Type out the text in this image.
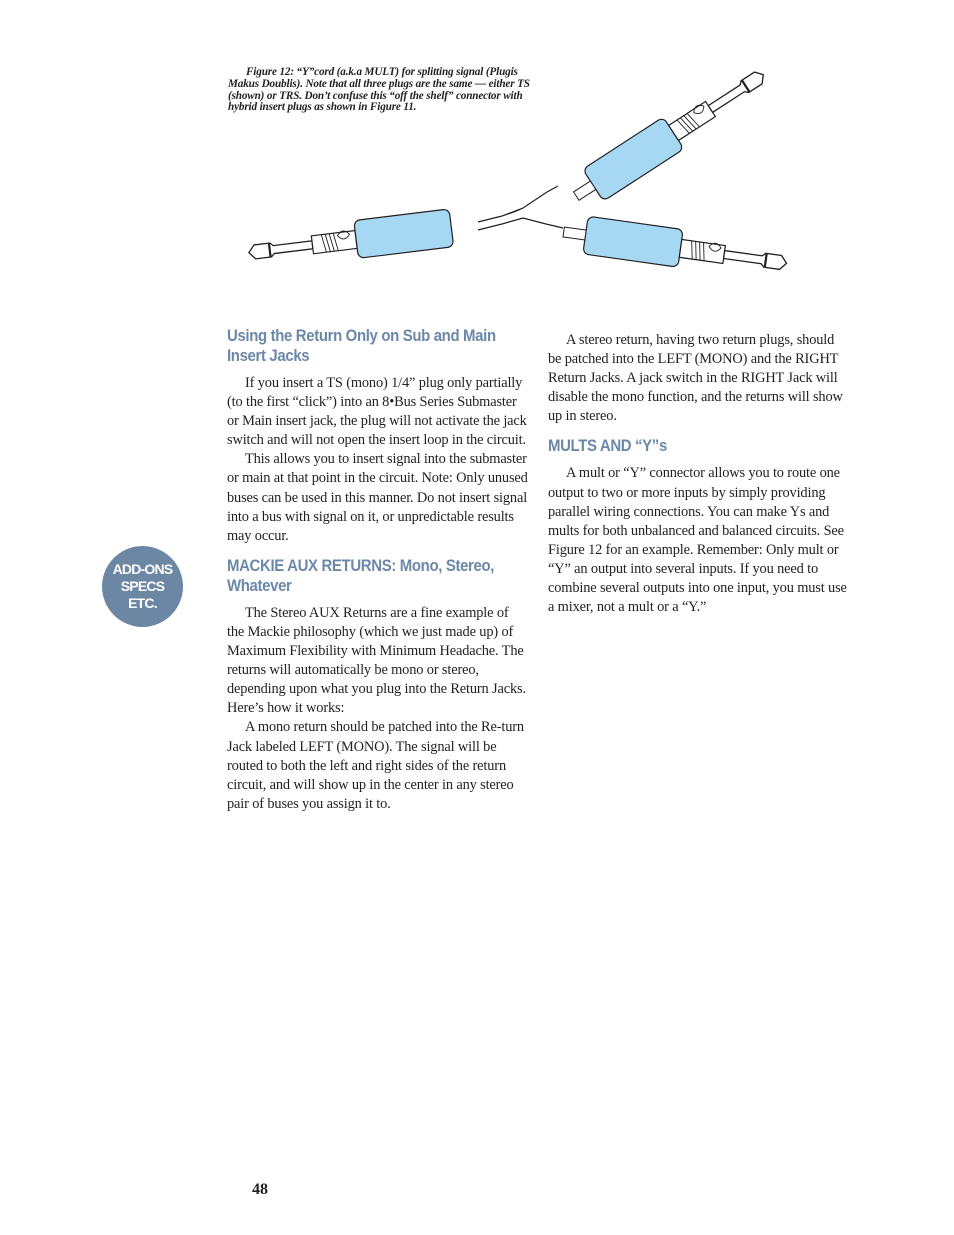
Figure 12: “Y”cord (a.k.a MULT) for splitting signal (Plugis Makus Doublis). Note that all three plugs are the same — either TS (shown) or TRS. Don’t confuse this “off the shelf” connector with hybrid insert plugs as shown in Figure 11.

Using the Return Only on Sub and Main Insert Jacks

If you insert a TS (mono) 1/4” plug only partially (to the first “click”) into an 8•Bus Series Submaster or Main insert jack, the plug will not activate the jack switch and will not open the insert loop in the circuit.

This allows you to insert signal into the submaster or main at that point in the circuit. Note: Only unused buses can be used in this manner. Do not insert signal into a bus with signal on it, or unpredictable results may occur.

MACKIE AUX RETURNS: Mono, Stereo, Whatever

The Stereo AUX Returns are a fine example of the Mackie philosophy (which we just made up) of Maximum Flexibility with Minimum Headache. The returns will automatically be mono or stereo, depending upon what you plug into the Return Jacks. Here’s how it works:

A mono return should be patched into the Re-turn Jack labeled LEFT (MONO). The signal will be routed to both the left and right sides of the return circuit, and will show up in the center in any stereo pair of buses you assign it to.

A stereo return, having two return plugs, should be patched into the LEFT (MONO) and the RIGHT Return Jacks. A jack switch in the RIGHT Jack will disable the mono function, and the returns will show up in stereo.

MULTS AND “Y”s

A mult or “Y” connector allows you to route one output to two or more inputs by simply providing parallel wiring connections. You can make Ys and mults for both unbalanced and balanced circuits. See Figure 12 for an example. Remember: Only mult or “Y” an output into several inputs. If you need to combine several outputs into one input, you must use a mixer, not a mult or a “Y.”

ADD-ONS
SPECS
ETC.
48
